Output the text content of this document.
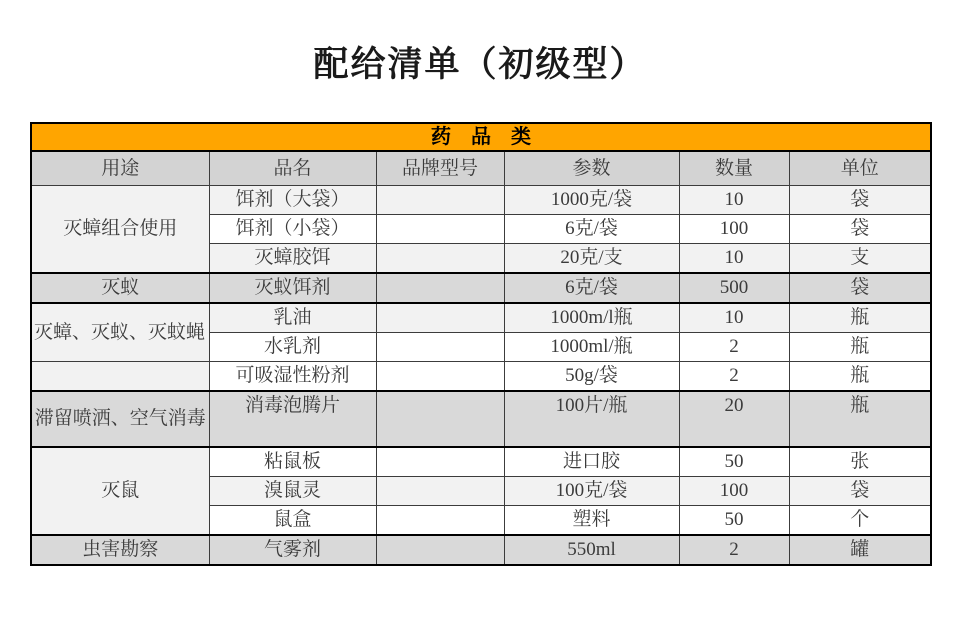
配给清单（初级型）
药　品　类					
用途	品名	品牌型号	参数	数量	单位
灭蟑组合使用	饵剂（大袋）		1000克/袋	10	袋
	饵剂（小袋）		6克/袋	100	袋
	灭蟑胶饵		20克/支	10	支
灭蚁	灭蚁饵剂		6克/袋	500	袋
灭蟑、灭蚁、灭蚊蝇	乳油		1000m/l瓶	10	瓶
	水乳剂		1000ml/瓶	2	瓶
	可吸湿性粉剂		50g/袋	2	瓶
滞留喷洒、空气消毒	消毒泡腾片		100片/瓶	20	瓶
灭鼠	粘鼠板		进口胶	50	张
	溴鼠灵		100克/袋	100	袋
	鼠盒		塑料	50	个
虫害勘察	气雾剂		550ml	2	罐
